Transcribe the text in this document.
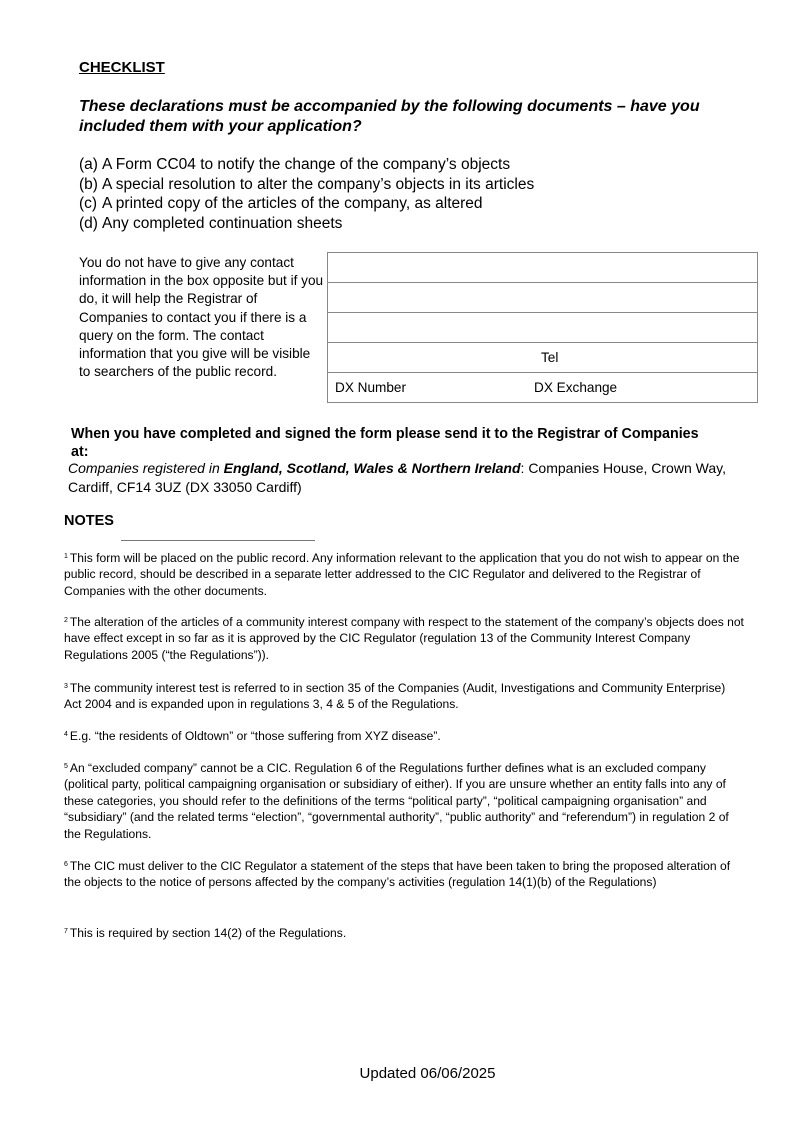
CHECKLIST
These declarations must be accompanied by the following documents – have you included them with your application?
(a) A Form CC04 to notify the change of the company’s objects
(b) A special resolution to alter the company’s objects in its articles
(c) A printed copy of the articles of the company, as altered
(d) Any completed continuation sheets
You do not have to give any contact information in the box opposite but if you do, it will help the Registrar of Companies to contact you if there is a query on the form. The contact information that you give will be visible to searchers of the public record.

Tel
DX Number	DX Exchange
When you have completed and signed the form please send it to the Registrar of Companies at:
Companies registered in England, Scotland, Wales & Northern Ireland: Companies House, Crown Way, Cardiff, CF14 3UZ (DX 33050 Cardiff)
NOTES
$^1$ This form will be placed on the public record. Any information relevant to the application that you do not wish to appear on the public record, should be described in a separate letter addressed to the CIC Regulator and delivered to the Registrar of Companies with the other documents.
$^2$ The alteration of the articles of a community interest company with respect to the statement of the company’s objects does not have effect except in so far as it is approved by the CIC Regulator (regulation 13 of the Community Interest Company Regulations 2005 (“the Regulations”)).
$^3$ The community interest test is referred to in section 35 of the Companies (Audit, Investigations and Community Enterprise) Act 2004 and is expanded upon in regulations 3, 4 & 5 of the Regulations.
$^4$ E.g. “the residents of Oldtown” or “those suffering from XYZ disease”.
$^5$ An “excluded company” cannot be a CIC. Regulation 6 of the Regulations further defines what is an excluded company (political party, political campaigning organisation or subsidiary of either). If you are unsure whether an entity falls into any of these categories, you should refer to the definitions of the terms “political party”, “political campaigning organisation” and “subsidiary” (and the related terms “election”, “governmental authority”, “public authority” and “referendum”) in regulation 2 of the Regulations.
$^6$ The CIC must deliver to the CIC Regulator a statement of the steps that have been taken to bring the proposed alteration of the objects to the notice of persons affected by the company’s activities (regulation 14(1)(b) of the Regulations)
$^7$ This is required by section 14(2) of the Regulations.
Updated 06/06/2025
